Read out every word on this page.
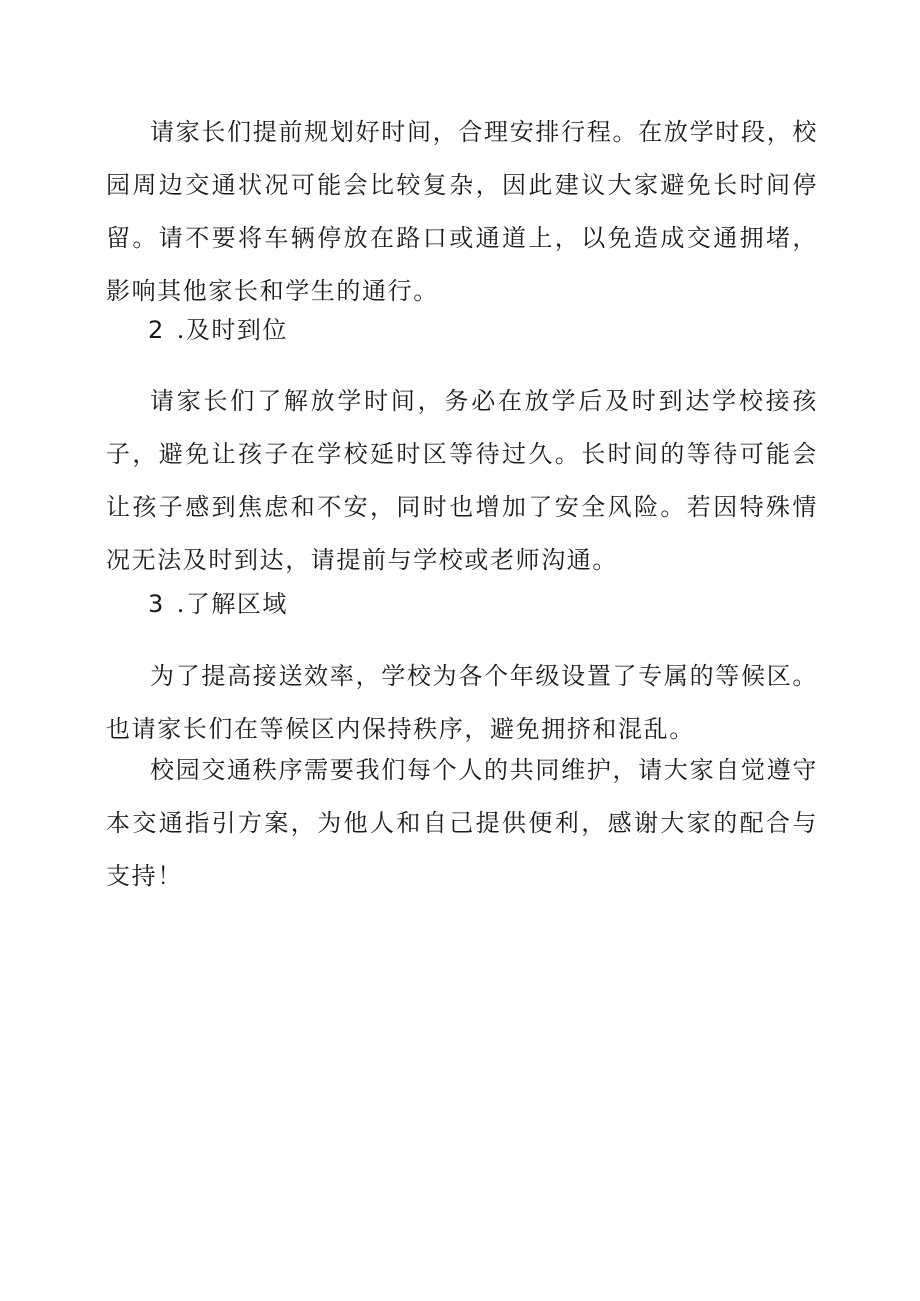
请家长们提前规划好时间，合理安排行程。在放学时段，校园周边交通状况可能会比较复杂，因此建议大家避免长时间停留。请不要将车辆停放在路口或通道上，以免造成交通拥堵，影响其他家长和学生的通行。

2 .及时到位

请家长们了解放学时间，务必在放学后及时到达学校接孩子，避免让孩子在学校延时区等待过久。长时间的等待可能会让孩子感到焦虑和不安，同时也增加了安全风险。若因特殊情况无法及时到达，请提前与学校或老师沟通。

3 .了解区域

为了提高接送效率，学校为各个年级设置了专属的等候区。也请家长们在等候区内保持秩序，避免拥挤和混乱。

校园交通秩序需要我们每个人的共同维护，请大家自觉遵守本交通指引方案，为他人和自己提供便利，感谢大家的配合与支持！
